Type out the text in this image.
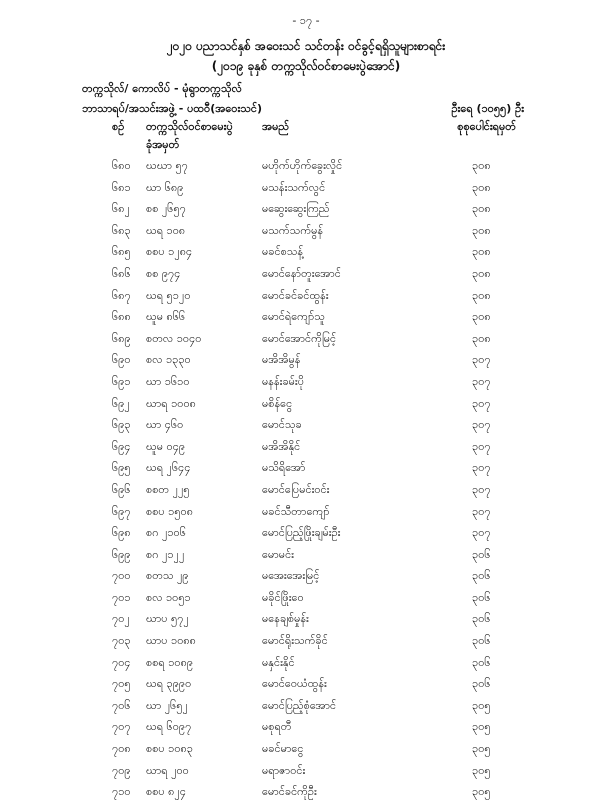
- ၁၇ -
၂၀၂၀ ပညာသင်နှစ် အဝေးသင် သင်တန်း ဝင်ခွင့်ရရှိသူများစာရင်း
(၂၀၁၉ ခုနှစ် တက္ကသိုလ်ဝင်စာမေးပွဲအောင်)
တက္ကသိုလ်/ ကောလိပ် - မုံရွာတက္ကသိုလ်
ဘာသာရပ်/အသင်းအဖွဲ့ - ပထဝီ(အဝေးသင်)	ဦးရေ (၁၀၅၅) ဦး
စဉ် တက္ကသိုလ်ဝင်စာမေးပွဲ
ခုံအမှတ်
အမည်	စုစုပေါင်းရမှတ်
၆၈၀ ဃဃာ ၅၇	မဟိုက်ဟိုက်ခွေးလှိုင်	၃၀၈
၆၈၁ ဃာ ၆၈၉	မသန်းသက်လွင်	၃၀၈
၆၈၂ စစ ၂၆၅၇	မဆွေးဆွေးကြည်	၃၀၈
၆၈၃ ဃရ ၁၀၈	မသက်သက်မွန်	၃၀၈
၆၈၅ စစပ ၁၂၈၄	မခင်စသန့်	၃၀၈
၆၈၆ စစ ၉၇၄	မောင်နော်တူးအောင်	၃၀၈
၆၈၇ ဃရ ၅၁၂၀	မောင်ခင်ခင်ထွန်း	၃၀၈
၆၈၈ ဃူမ ၈၆၆	မောင်ရဲကျော်သူ	၃၀၈
၆၈၉ စတလ ၁၀၄၀	မောင်အောင်ကိုမြင့်	၃၀၈
၆၉၀ စလ ၁၃၃၀	မအိအိမွန်	၃၀၇
၆၉၁ ဃာ ၁၆၁၀	မနန်းခမ်းပို	၃၀၇
၆၉၂ ဃာရ ၁၀၀၈	မစိန်ငွေ	၃၀၇
၆၉၃ ဃာ ၄၆၀	မောင်သုခ	၃၀၇
၆၉၄ ဃူမ ၀၄၉	မအိအိနိုင်	၃၀၇
၆၉၅ ဃရ ၂၆၄၄	မသိရိအော်	၃၀၇
၆၉၆ စစတ ၂၂၅	မောင်ပြေမင်းဝင်း	၃၀၇
၆၉၇ စစပ ၁၅၀၈	မခင်သီတာကျော်	၃၀၇
၆၉၈ စဂ ၂၁၀၆	မောင်ပြည့်ဖြိုးချမ်းဦး	၃၀၇
၆၉၉ စဂ ၂၁၂၂	မောမင်း	၃၀၆
၇၀၀ စတသ ၂၉	မအေးအေးမြင့်	၃၀၆
၇၀၁ စလ ၁၀၅၁	မခိုင်ဖြိုးဝေ	၃၀၆
၇၀၂ ဃာပ ၅၇၂	မနေချစ်မှုန်း	၃၀၆
၇၀၃ ဃာပ ၁၀၈၈	မောင်ရိုးသက်ခိုင်	၃၀၆
၇၀၄ စစရ ၁၀၈၉	မနှင်းနိုင်	၃၀၆
၇၀၅ ဃရ ၃၉၉၀	မောင်ဝေယံထွန်း	၃၀၆
၇၀၆ ဃာ ၂၆၅၂	မောင်ပြည့်စုံအောင်	၃၀၅
၇၀၇ ဃရ ၆၀၉၇	မစုရတီ	၃၀၅
၇၀၈ စစပ ၁၀၈၃	မခင်မာငွေ	၃၀၅
၇၀၉ ဃာရ ၂၀၀	မရာဇာဝင်း	၃၀၅
၇၁၀ စစပ ၈၂၄	မောင်ခင်ကိုဦး	၃၀၅
